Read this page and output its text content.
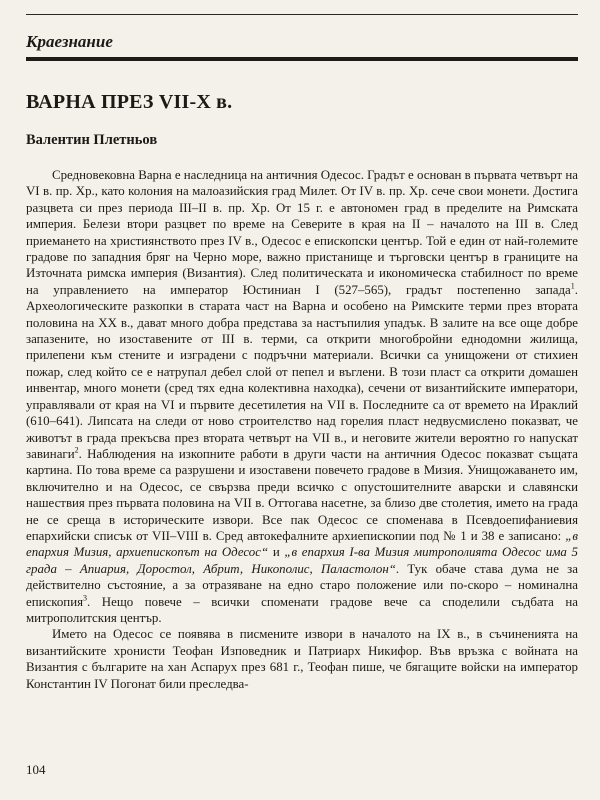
Краезнание
ВАРНА ПРЕЗ VII-X в.
Валентин Плетньов

Средновековна Варна е наследница на античния Одесос. Градът е основан в първата четвърт на VI в. пр. Хр., като колония на малоазийския град Милет. От IV в. пр. Хр. сече свои монети. Достига разцвета си през периода III–II в. пр. Хр. От 15 г. е автономен град в пределите на Римската империя. Белези втори разцвет по време на Северите в края на II – началото на III в. След приемането на християнството през IV в., Одесос е епископски център. Той е един от най-големите градове по западния бряг на Черно море, важно пристанище и търговски център в границите на Източната римска империя (Византия). След политическата и икономическа стабилност по време на управлението на император Юстиниан I (527–565), градът постепенно запада$^1$. Археологическите разкопки в старата част на Варна и особено на Римските терми през втората половина на XX в., дават много добра представа за настъпилия упадък. В залите на все още добре запазените, но изоставените от III в. терми, са открити многобройни еднодомни жилища, прилепени към стените и изградени с подръчни материали. Всички са унищожени от стихиен пожар, след който се е натрупал дебел слой от пепел и въглени. В този пласт са открити домашен инвентар, много монети (сред тях една колективна находка), сечени от византийските императори, управлявали от края на VI и първите десетилетия на VII в. Последните са от времето на Ираклий (610–641). Липсата на следи от ново строителство над горелия пласт недвусмислено показват, че животът в града прекъсва през втората четвърт на VII в., и неговите жители вероятно го напускат завинаги$^2$. Наблюдения на изкопните работи в други части на античния Одесос показват същата картина. По това време са разрушени и изоставени повечето градове в Мизия. Унищожаването им, включително и на Одесос, се свързва преди всичко с опустошителните аварски и славянски нашествия през първата половина на VII в. Оттогава насетне, за близо две столетия, името на града не се среща в историческите извори. Все пак Одесос се споменава в Псевдоепифаниевия епархийски списък от VII–VIII в. Сред автокефалните архиепископии под № 1 и 38 е записано: „в епархия Мизия, архиепископът на Одесос“ и „в епархия I-ва Мизия митрополията Одесос има 5 града – Апиария, Доростол, Абрит, Никополис, Паластолон“. Тук обаче става дума не за действително състояние, а за отразяване на едно старо положение или по-скоро – номинална епископия$^3$. Нещо повече – всички споменати градове вече са споделили съдбата на митрополитския център.

Името на Одесос се появява в писмените извори в началото на IX в., в съчиненията на византийските хронисти Теофан Изповедник и Патриарх Никифор. Във връзка с войната на Византия с българите на хан Аспарух през 681 г., Теофан пише, че бягащите войски на император Константин IV Погонат били преследва-

104
